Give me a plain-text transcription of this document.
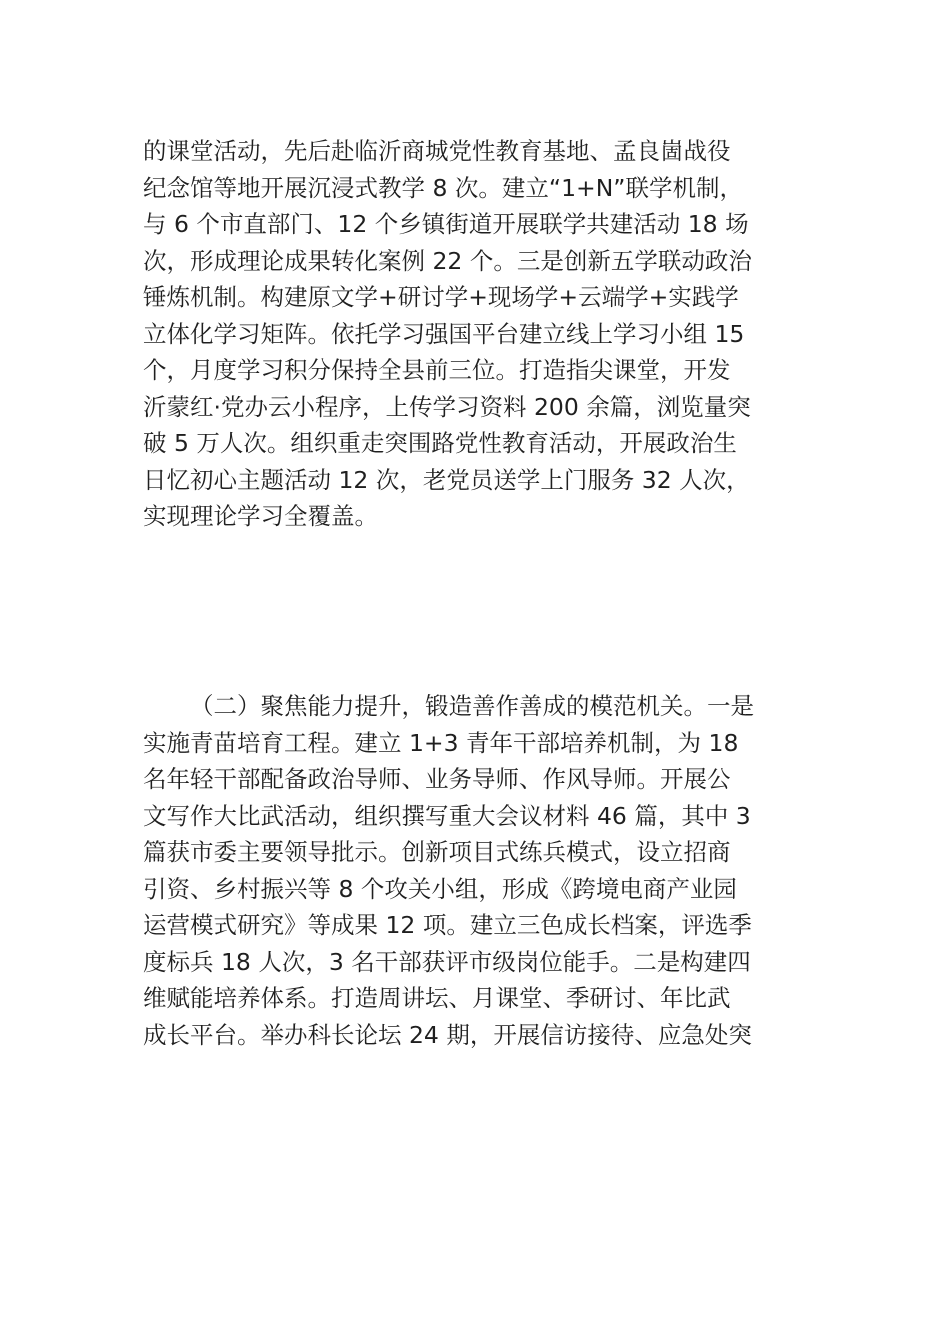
的课堂活动，先后赴临沂商城党性教育基地、孟良崮战役
纪念馆等地开展沉浸式教学 8 次。建立“1+N”联学机制，
与 6 个市直部门、12 个乡镇街道开展联学共建活动 18 场
次，形成理论成果转化案例 22 个。三是创新五学联动政治
锤炼机制。构建原文学+研讨学+现场学+云端学+实践学
立体化学习矩阵。依托学习强国平台建立线上学习小组 15
个，月度学习积分保持全县前三位。打造指尖课堂，开发
沂蒙红·党办云小程序，上传学习资料 200 余篇，浏览量突
破 5 万人次。组织重走突围路党性教育活动，开展政治生
日忆初心主题活动 12 次，老党员送学上门服务 32 人次，
实现理论学习全覆盖。
（二）聚焦能力提升，锻造善作善成的模范机关。一是
实施青苗培育工程。建立 1+3 青年干部培养机制，为 18
名年轻干部配备政治导师、业务导师、作风导师。开展公
文写作大比武活动，组织撰写重大会议材料 46 篇，其中 3
篇获市委主要领导批示。创新项目式练兵模式，设立招商
引资、乡村振兴等 8 个攻关小组，形成《跨境电商产业园
运营模式研究》等成果 12 项。建立三色成长档案，评选季
度标兵 18 人次，3 名干部获评市级岗位能手。二是构建四
维赋能培养体系。打造周讲坛、月课堂、季研讨、年比武
成长平台。举办科长论坛 24 期，开展信访接待、应急处突
